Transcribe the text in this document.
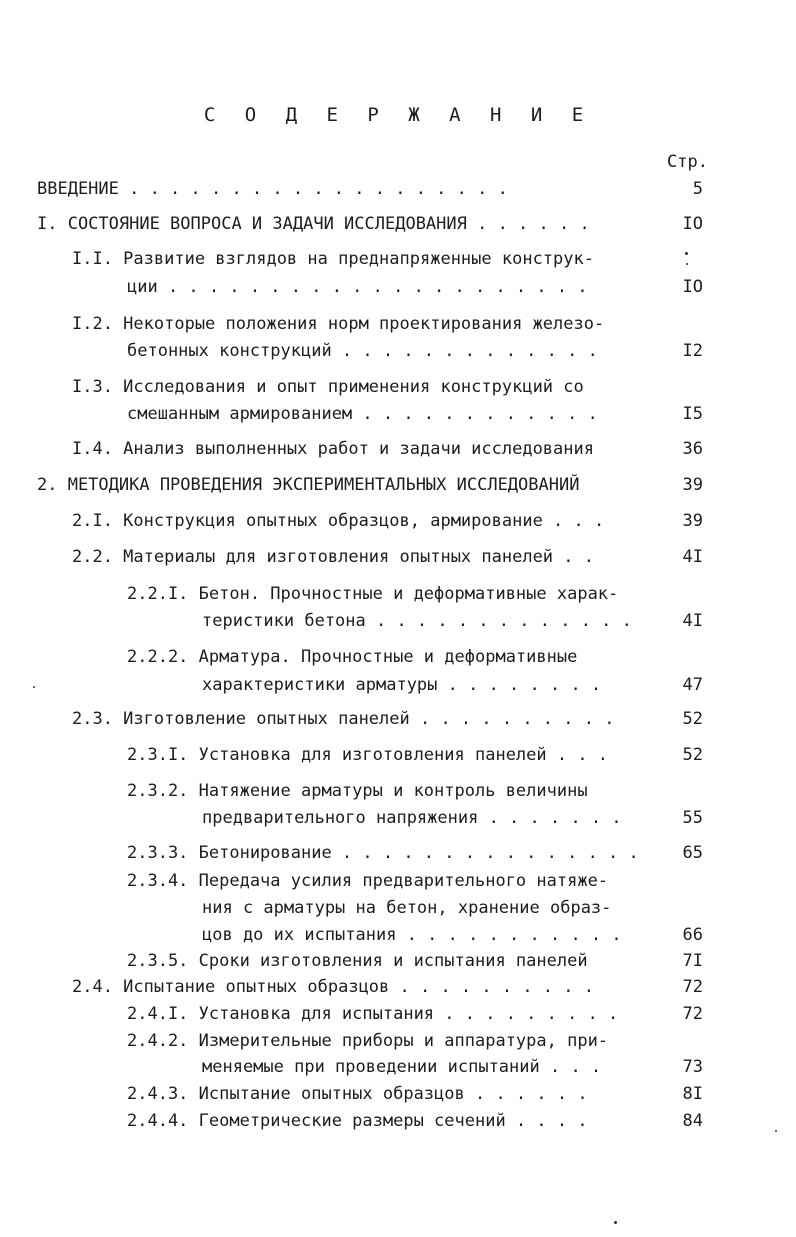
С О Д Е Р Ж А Н И Е
Стр.
ВВЕДЕНИЕ . . . . . . . . . . . . . . . . . . .	5
I. СОСТОЯНИЕ ВОПРОСА И ЗАДАЧИ ИССЛЕДОВАНИЯ . . . . . .	IO
I.I. Развитие взглядов на преднапряженные конструк-
ции . . . . . . . . . . . . . . . . . . . . .	IO
I.2. Некоторые положения норм проектирования железо-
бетонных конструкций . . . . . . . . . . . . .	I2
I.3. Исследования и опыт применения конструкций со
смешанным армированием . . . . . . . . . . . .	I5
I.4. Анализ выполненных работ и задачи исследования	36
2. МЕТОДИКА ПРОВЕДЕНИЯ ЭКСПЕРИМЕНТАЛЬНЫХ ИССЛЕДОВАНИЙ	39
2.I. Конструкция опытных образцов, армирование . . .	39
2.2. Материалы для изготовления опытных панелей . .	4I
2.2.I. Бетон. Прочностные и деформативные харак-
теристики бетона . . . . . . . . . . . . .	4I
2.2.2. Арматура. Прочностные и деформативные
характеристики арматуры . . . . . . . .	47
2.3. Изготовление опытных панелей . . . . . . . . . .	52
2.3.I. Установка для изготовления панелей . . .	52
2.3.2. Натяжение арматуры и контроль величины
предварительного напряжения . . . . . . .	55
2.3.3. Бетонирование . . . . . . . . . . . . . . .	65
2.3.4. Передача усилия предварительного натяже-
ния с арматуры на бетон, хранение образ-
цов до их испытания . . . . . . . . . . .	66
2.3.5. Сроки изготовления и испытания панелей	7I
2.4. Испытание опытных образцов . . . . . . . . . .	72
2.4.I. Установка для испытания . . . . . . . . .	72
2.4.2. Измерительные приборы и аппаратура, при-
меняемые при проведении испытаний . . .	73
2.4.3. Испытание опытных образцов . . . . . .	8I
2.4.4. Геометрические размеры сечений . . . .	84
